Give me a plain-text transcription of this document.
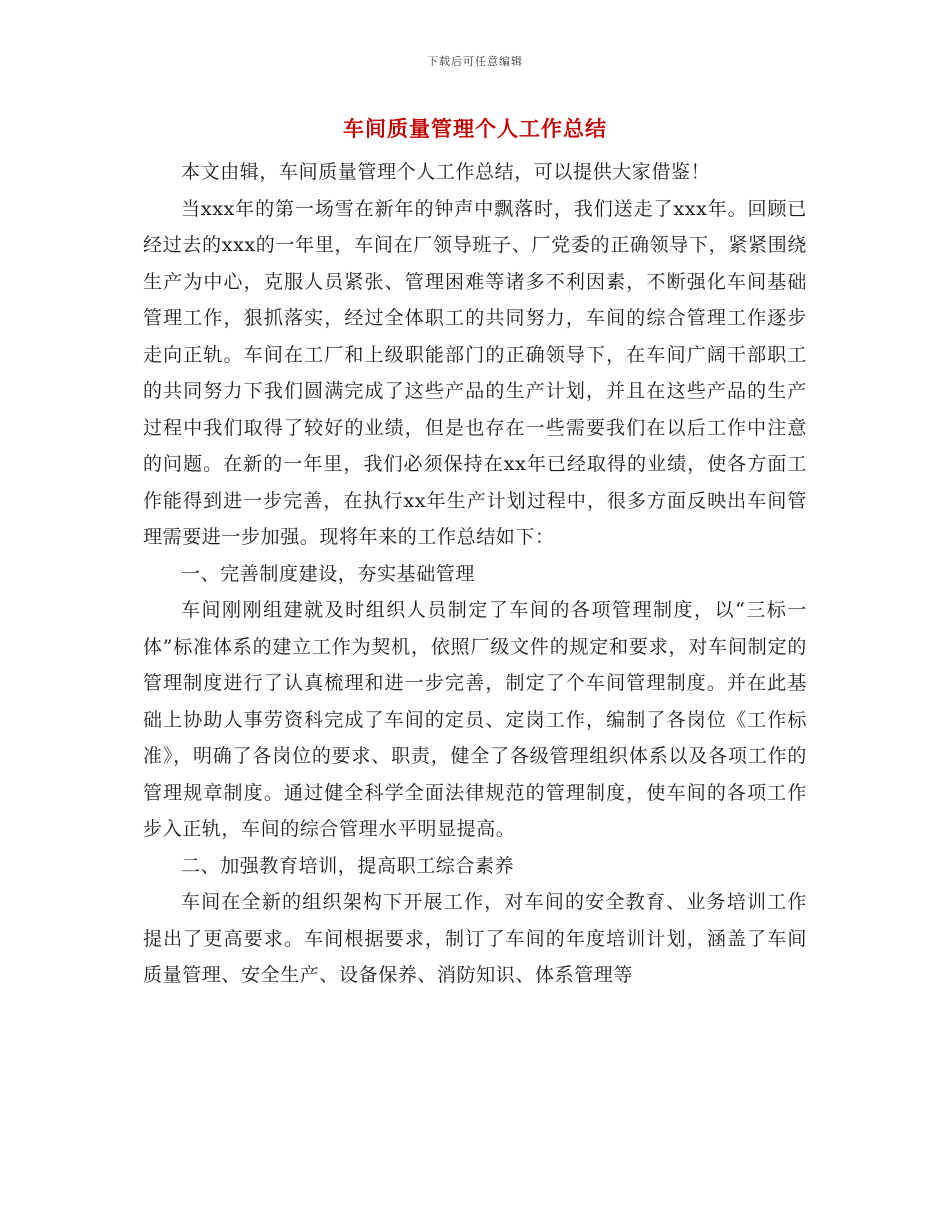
下载后可任意编辑
车间质量管理个人工作总结

本文由辑，车间质量管理个人工作总结，可以提供大家借鉴！

当xxx年的第一场雪在新年的钟声中飘落时，我们送走了xxx年。回顾已经过去的xxx的一年里，车间在厂领导班子、厂党委的正确领导下，紧紧围绕生产为中心，克服人员紧张、管理困难等诸多不利因素，不断强化车间基础管理工作，狠抓落实，经过全体职工的共同努力，车间的综合管理工作逐步走向正轨。车间在工厂和上级职能部门的正确领导下，在车间广阔干部职工的共同努力下我们圆满完成了这些产品的生产计划，并且在这些产品的生产过程中我们取得了较好的业绩，但是也存在一些需要我们在以后工作中注意的问题。在新的一年里，我们必须保持在xx年已经取得的业绩，使各方面工作能得到进一步完善，在执行xx年生产计划过程中，很多方面反映出车间管理需要进一步加强。现将年来的工作总结如下：

一、完善制度建设，夯实基础管理

车间刚刚组建就及时组织人员制定了车间的各项管理制度，以“三标一体”标准体系的建立工作为契机，依照厂级文件的规定和要求，对车间制定的管理制度进行了认真梳理和进一步完善，制定了个车间管理制度。并在此基础上协助人事劳资科完成了车间的定员、定岗工作，编制了各岗位《工作标准》，明确了各岗位的要求、职责，健全了各级管理组织体系以及各项工作的管理规章制度。通过健全科学全面法律规范的管理制度，使车间的各项工作步入正轨，车间的综合管理水平明显提高。

二、加强教育培训，提高职工综合素养

车间在全新的组织架构下开展工作，对车间的安全教育、业务培训工作提出了更高要求。车间根据要求，制订了车间的年度培训计划，涵盖了车间质量管理、安全生产、设备保养、消防知识、体系管理等
